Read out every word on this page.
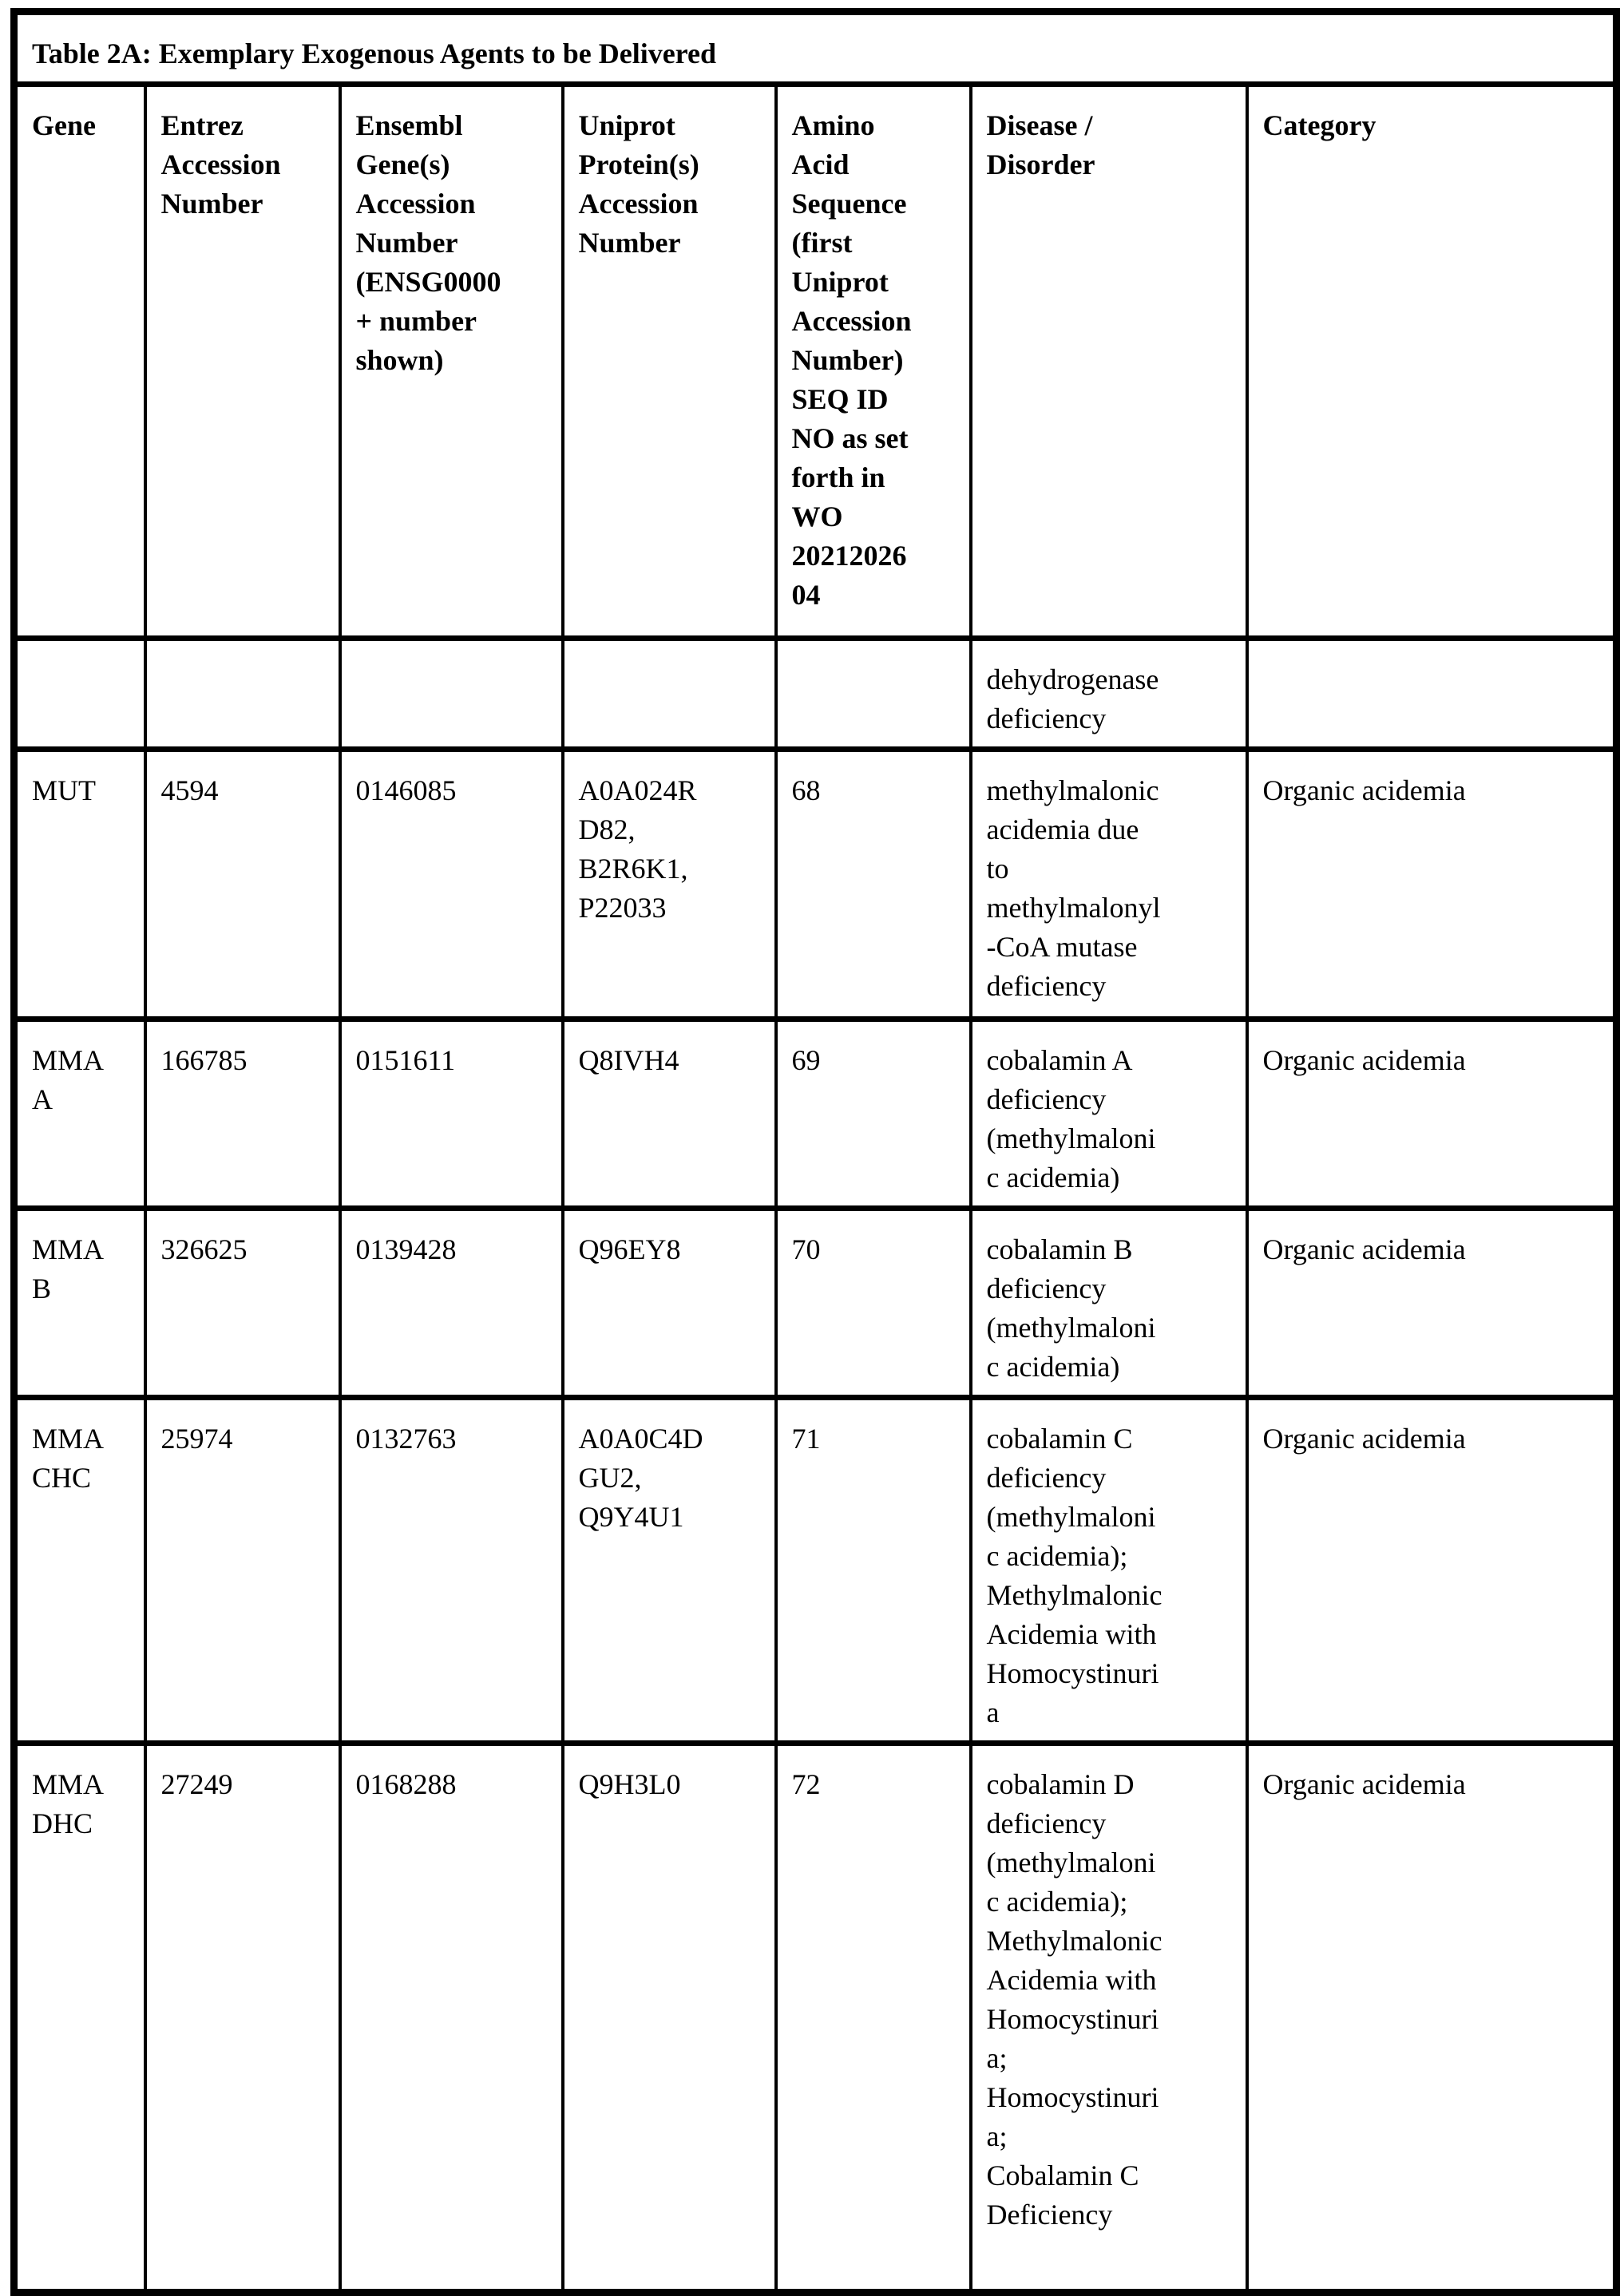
Table 2A: Exemplary Exogenous Agents to be Delivered						
Gene	Entrez
Accession
Number	Ensembl
Gene(s)
Accession
Number
(ENSG0000
+ number
shown)	Uniprot
Protein(s)
Accession
Number	Amino
Acid
Sequence
(first
Uniprot
Accession
Number)
SEQ ID
NO as set
forth in
WO
20212026
04	Disease /
Disorder	Category
					dehydrogenase
deficiency	
MUT	4594	0146085	A0A024R
D82,
B2R6K1,
P22033	68	methylmalonic
acidemia due
to
methylmalonyl
-CoA mutase
deficiency	Organic acidemia
MMA
A	166785	0151611	Q8IVH4	69	cobalamin A
deficiency
(methylmaloni
c acidemia)	Organic acidemia
MMA
B	326625	0139428	Q96EY8	70	cobalamin B
deficiency
(methylmaloni
c acidemia)	Organic acidemia
MMA
CHC	25974	0132763	A0A0C4D
GU2,
Q9Y4U1	71	cobalamin C
deficiency
(methylmaloni
c acidemia);
Methylmalonic
Acidemia with
Homocystinuri
a	Organic acidemia
MMA
DHC	27249	0168288	Q9H3L0	72	cobalamin D
deficiency
(methylmaloni
c acidemia);
Methylmalonic
Acidemia with
Homocystinuri
a;
Homocystinuri
a;
Cobalamin C
Deficiency	Organic acidemia
